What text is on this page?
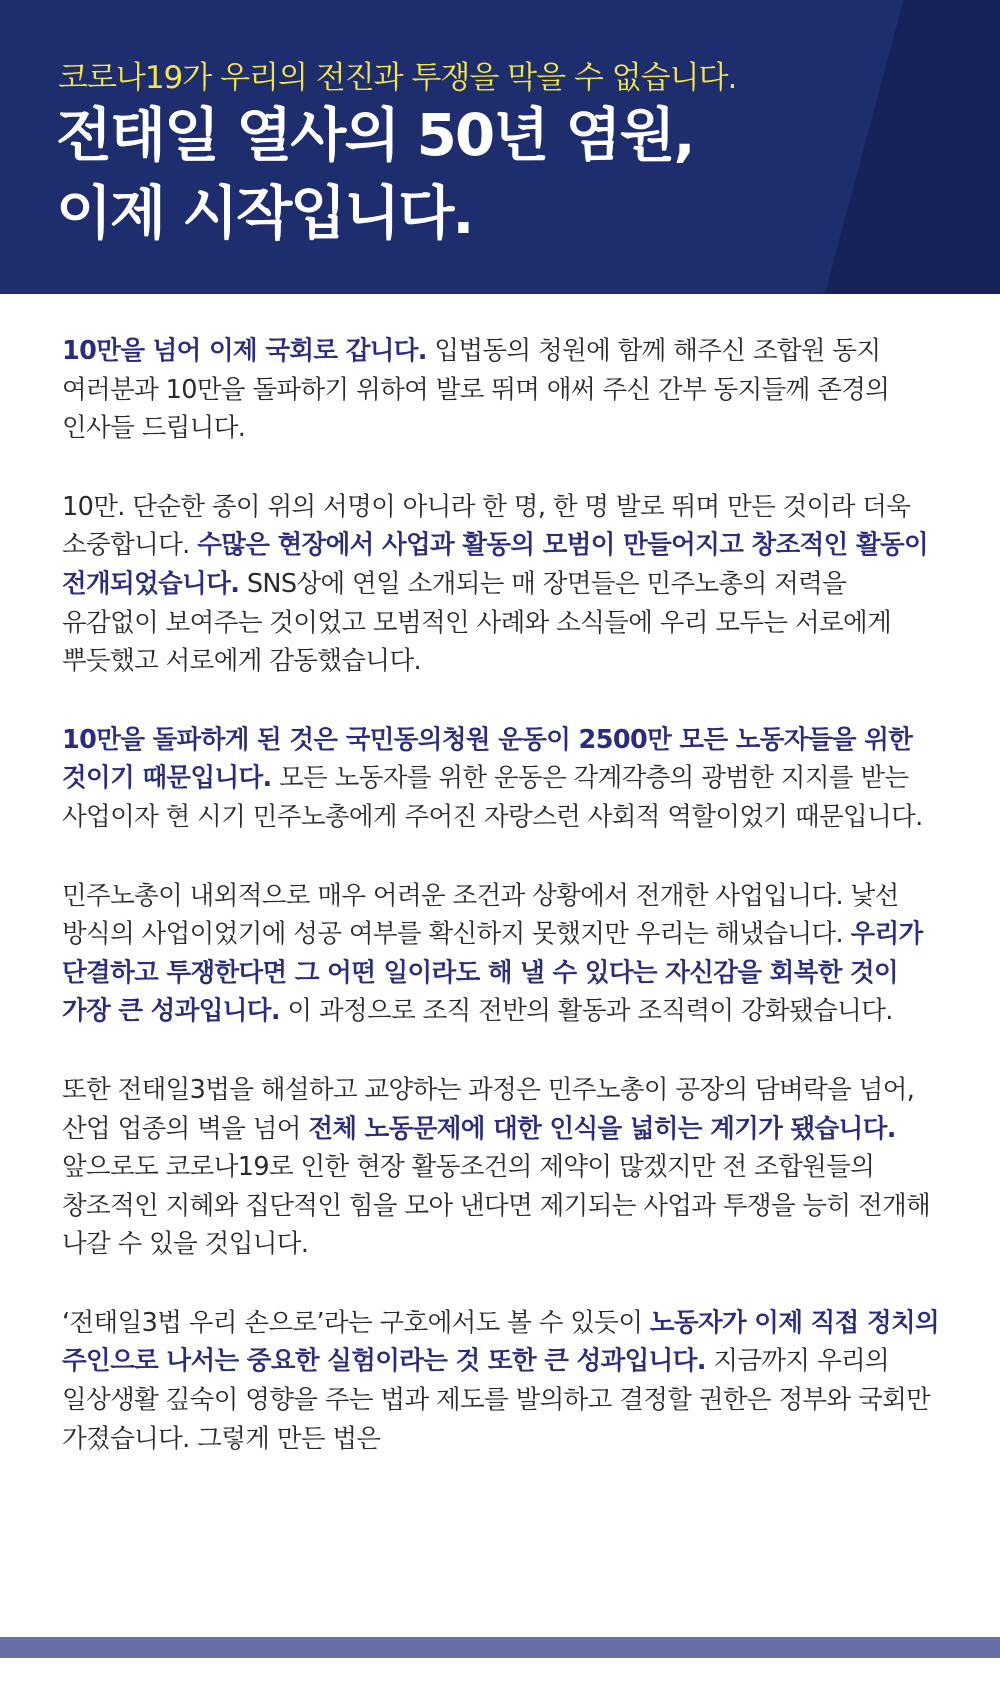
코로나19가 우리의 전진과 투쟁을 막을 수 없습니다.
전태일 열사의 50년 염원,
이제 시작입니다.

10만을 넘어 이제 국회로 갑니다. 입법동의 청원에 함께 해주신 조합원 동지 여러분과 10만을 돌파하기 위하여 발로 뛰며 애써 주신 간부 동지들께 존경의 인사들 드립니다.

10만. 단순한 종이 위의 서명이 아니라 한 명, 한 명 발로 뛰며 만든 것이라 더욱 소중합니다. 수많은 현장에서 사업과 활동의 모범이 만들어지고 창조적인 활동이 전개되었습니다. SNS상에 연일 소개되는 매 장면들은 민주노총의 저력을 유감없이 보여주는 것이었고 모범적인 사례와 소식들에 우리 모두는 서로에게 뿌듯했고 서로에게 감동했습니다.

10만을 돌파하게 된 것은 국민동의청원 운동이 2500만 모든 노동자들을 위한 것이기 때문입니다. 모든 노동자를 위한 운동은 각계각층의 광범한 지지를 받는 사업이자 현 시기 민주노총에게 주어진 자랑스런 사회적 역할이었기 때문입니다.

민주노총이 내외적으로 매우 어려운 조건과 상황에서 전개한 사업입니다. 낯선 방식의 사업이었기에 성공 여부를 확신하지 못했지만 우리는 해냈습니다. 우리가 단결하고 투쟁한다면 그 어떤 일이라도 해 낼 수 있다는 자신감을 회복한 것이 가장 큰 성과입니다. 이 과정으로 조직 전반의 활동과 조직력이 강화됐습니다.

또한 전태일3법을 해설하고 교양하는 과정은 민주노총이 공장의 담벼락을 넘어, 산업 업종의 벽을 넘어 전체 노동문제에 대한 인식을 넓히는 계기가 됐습니다. 앞으로도 코로나19로 인한 현장 활동조건의 제약이 많겠지만 전 조합원들의 창조적인 지혜와 집단적인 힘을 모아 낸다면 제기되는 사업과 투쟁을 능히 전개해 나갈 수 있을 것입니다.

‘전태일3법 우리 손으로’라는 구호에서도 볼 수 있듯이 노동자가 이제 직접 정치의 주인으로 나서는 중요한 실험이라는 것 또한 큰 성과입니다. 지금까지 우리의 일상생활 깊숙이 영향을 주는 법과 제도를 발의하고 결정할 권한은 정부와 국회만 가졌습니다. 그렇게 만든 법은
